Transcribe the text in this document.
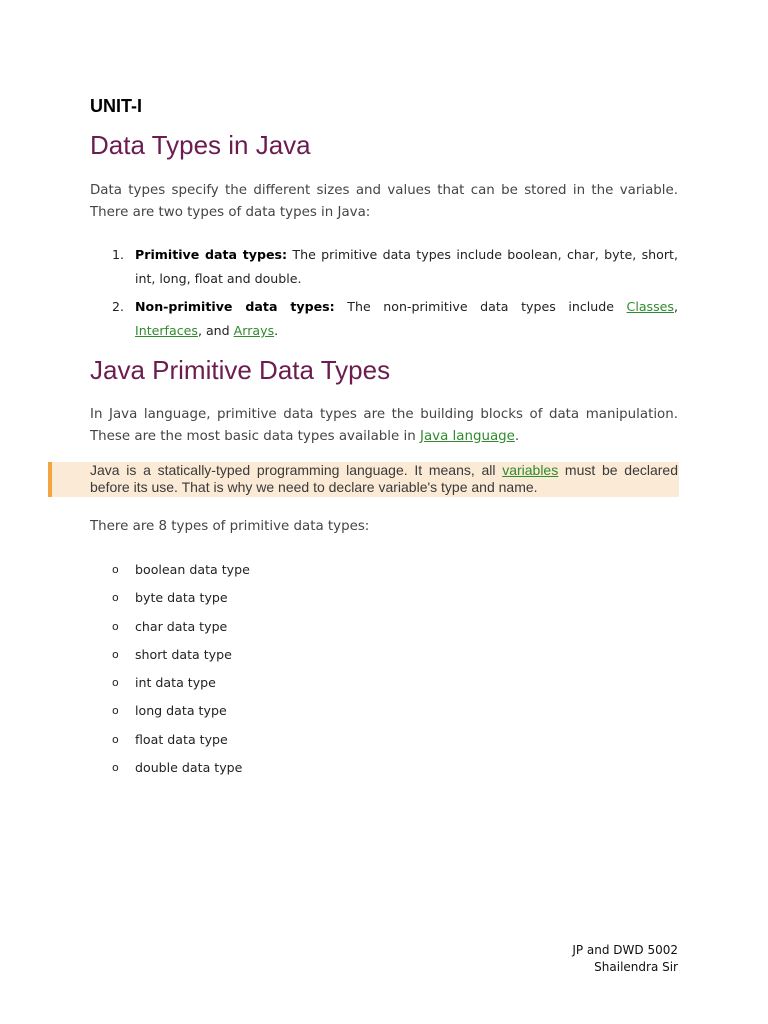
UNIT-I
Data Types in Java
Data types specify the different sizes and values that can be stored in the variable. There are two types of data types in Java:
1. Primitive data types: The primitive data types include boolean, char, byte, short, int, long, float and double.
2. Non-primitive data types: The non-primitive data types include Classes, Interfaces, and Arrays.
Java Primitive Data Types
In Java language, primitive data types are the building blocks of data manipulation. These are the most basic data types available in Java language.
Java is a statically-typed programming language. It means, all variables must be declared before its use. That is why we need to declare variable's type and name.
There are 8 types of primitive data types:
o boolean data type
o byte data type
o char data type
o short data type
o int data type
o long data type
o float data type
o double data type
JP and DWD 5002
Shailendra Sir
